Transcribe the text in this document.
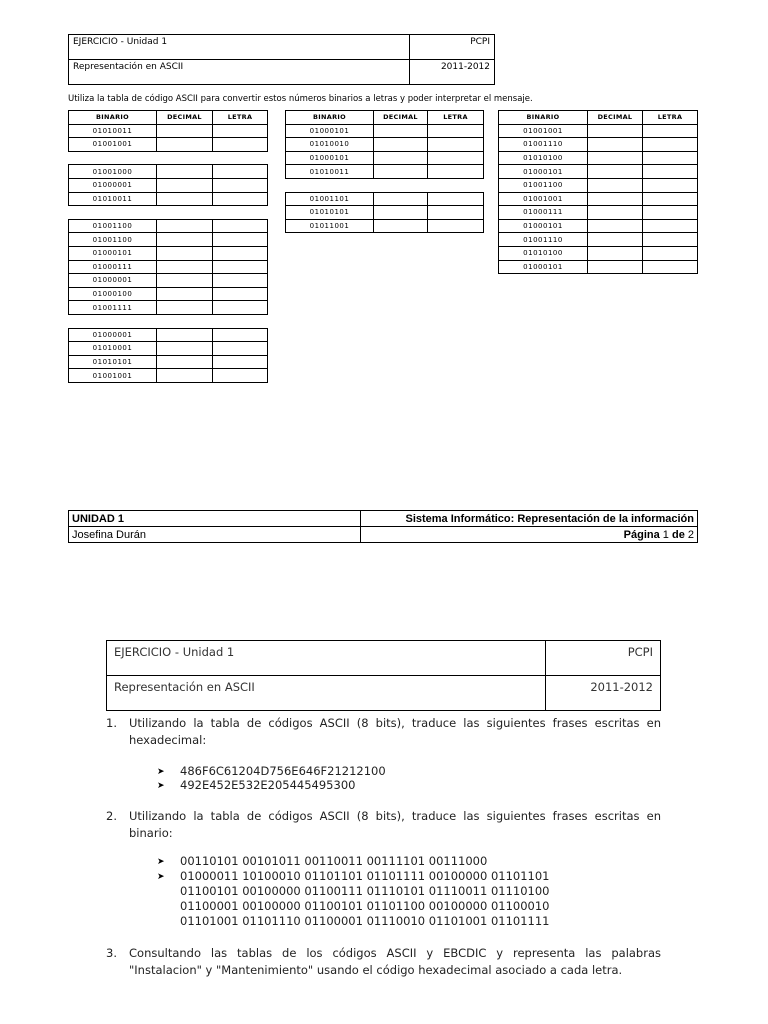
EJERCICIO - Unidad 1	PCPI
Representación en ASCII	2011-2012
Utiliza la tabla de código ASCII para convertir estos números binarios a letras y poder interpretar el mensaje.
BINARIO	DECIMAL	LETRA
01010011		
01001001		

01001000		
01000001		
01010011		

01001100		
01001100		
01000101		
01000111		
01000001		
01000100		
01001111		

01000001		
01010001		
01010101		
01001001		
BINARIO	DECIMAL	LETRA
01000101		
01010010		
01000101		
01010011		

01001101		
01010101		
01011001		
BINARIO	DECIMAL	LETRA
01001001		
01001110		
01010100		
01000101		
01001100		
01001001		
01000111		
01000101		
01001110		
01010100		
01000101		
UNIDAD 1	Sistema Informático: Representación de la información
Josefina Durán	Página 1 de 2
EJERCICIO - Unidad 1	PCPI
Representación en ASCII	2011-2012
1. Utilizando la tabla de códigos ASCII (8 bits), traduce las siguientes frases escritas en hexadecimal:
➤ 486F6C61204D756E646F21212100
➤ 492E452E532E205445495300
2. Utilizando la tabla de códigos ASCII (8 bits), traduce las siguientes frases escritas en binario:
➤ 00110101 00101011 00110011 00111101 00111000
➤ 01000011 10100010 01101101 01101111 00100000 01101101
01100101 00100000 01100111 01110101 01110011 01110100
01100001 00100000 01100101 01101100 00100000 01100010
01101001 01101110 01100001 01110010 01101001 01101111
3. Consultando las tablas de los códigos ASCII y EBCDIC y representa las palabras "Instalacion" y "Mantenimiento" usando el código hexadecimal asociado a cada letra.
